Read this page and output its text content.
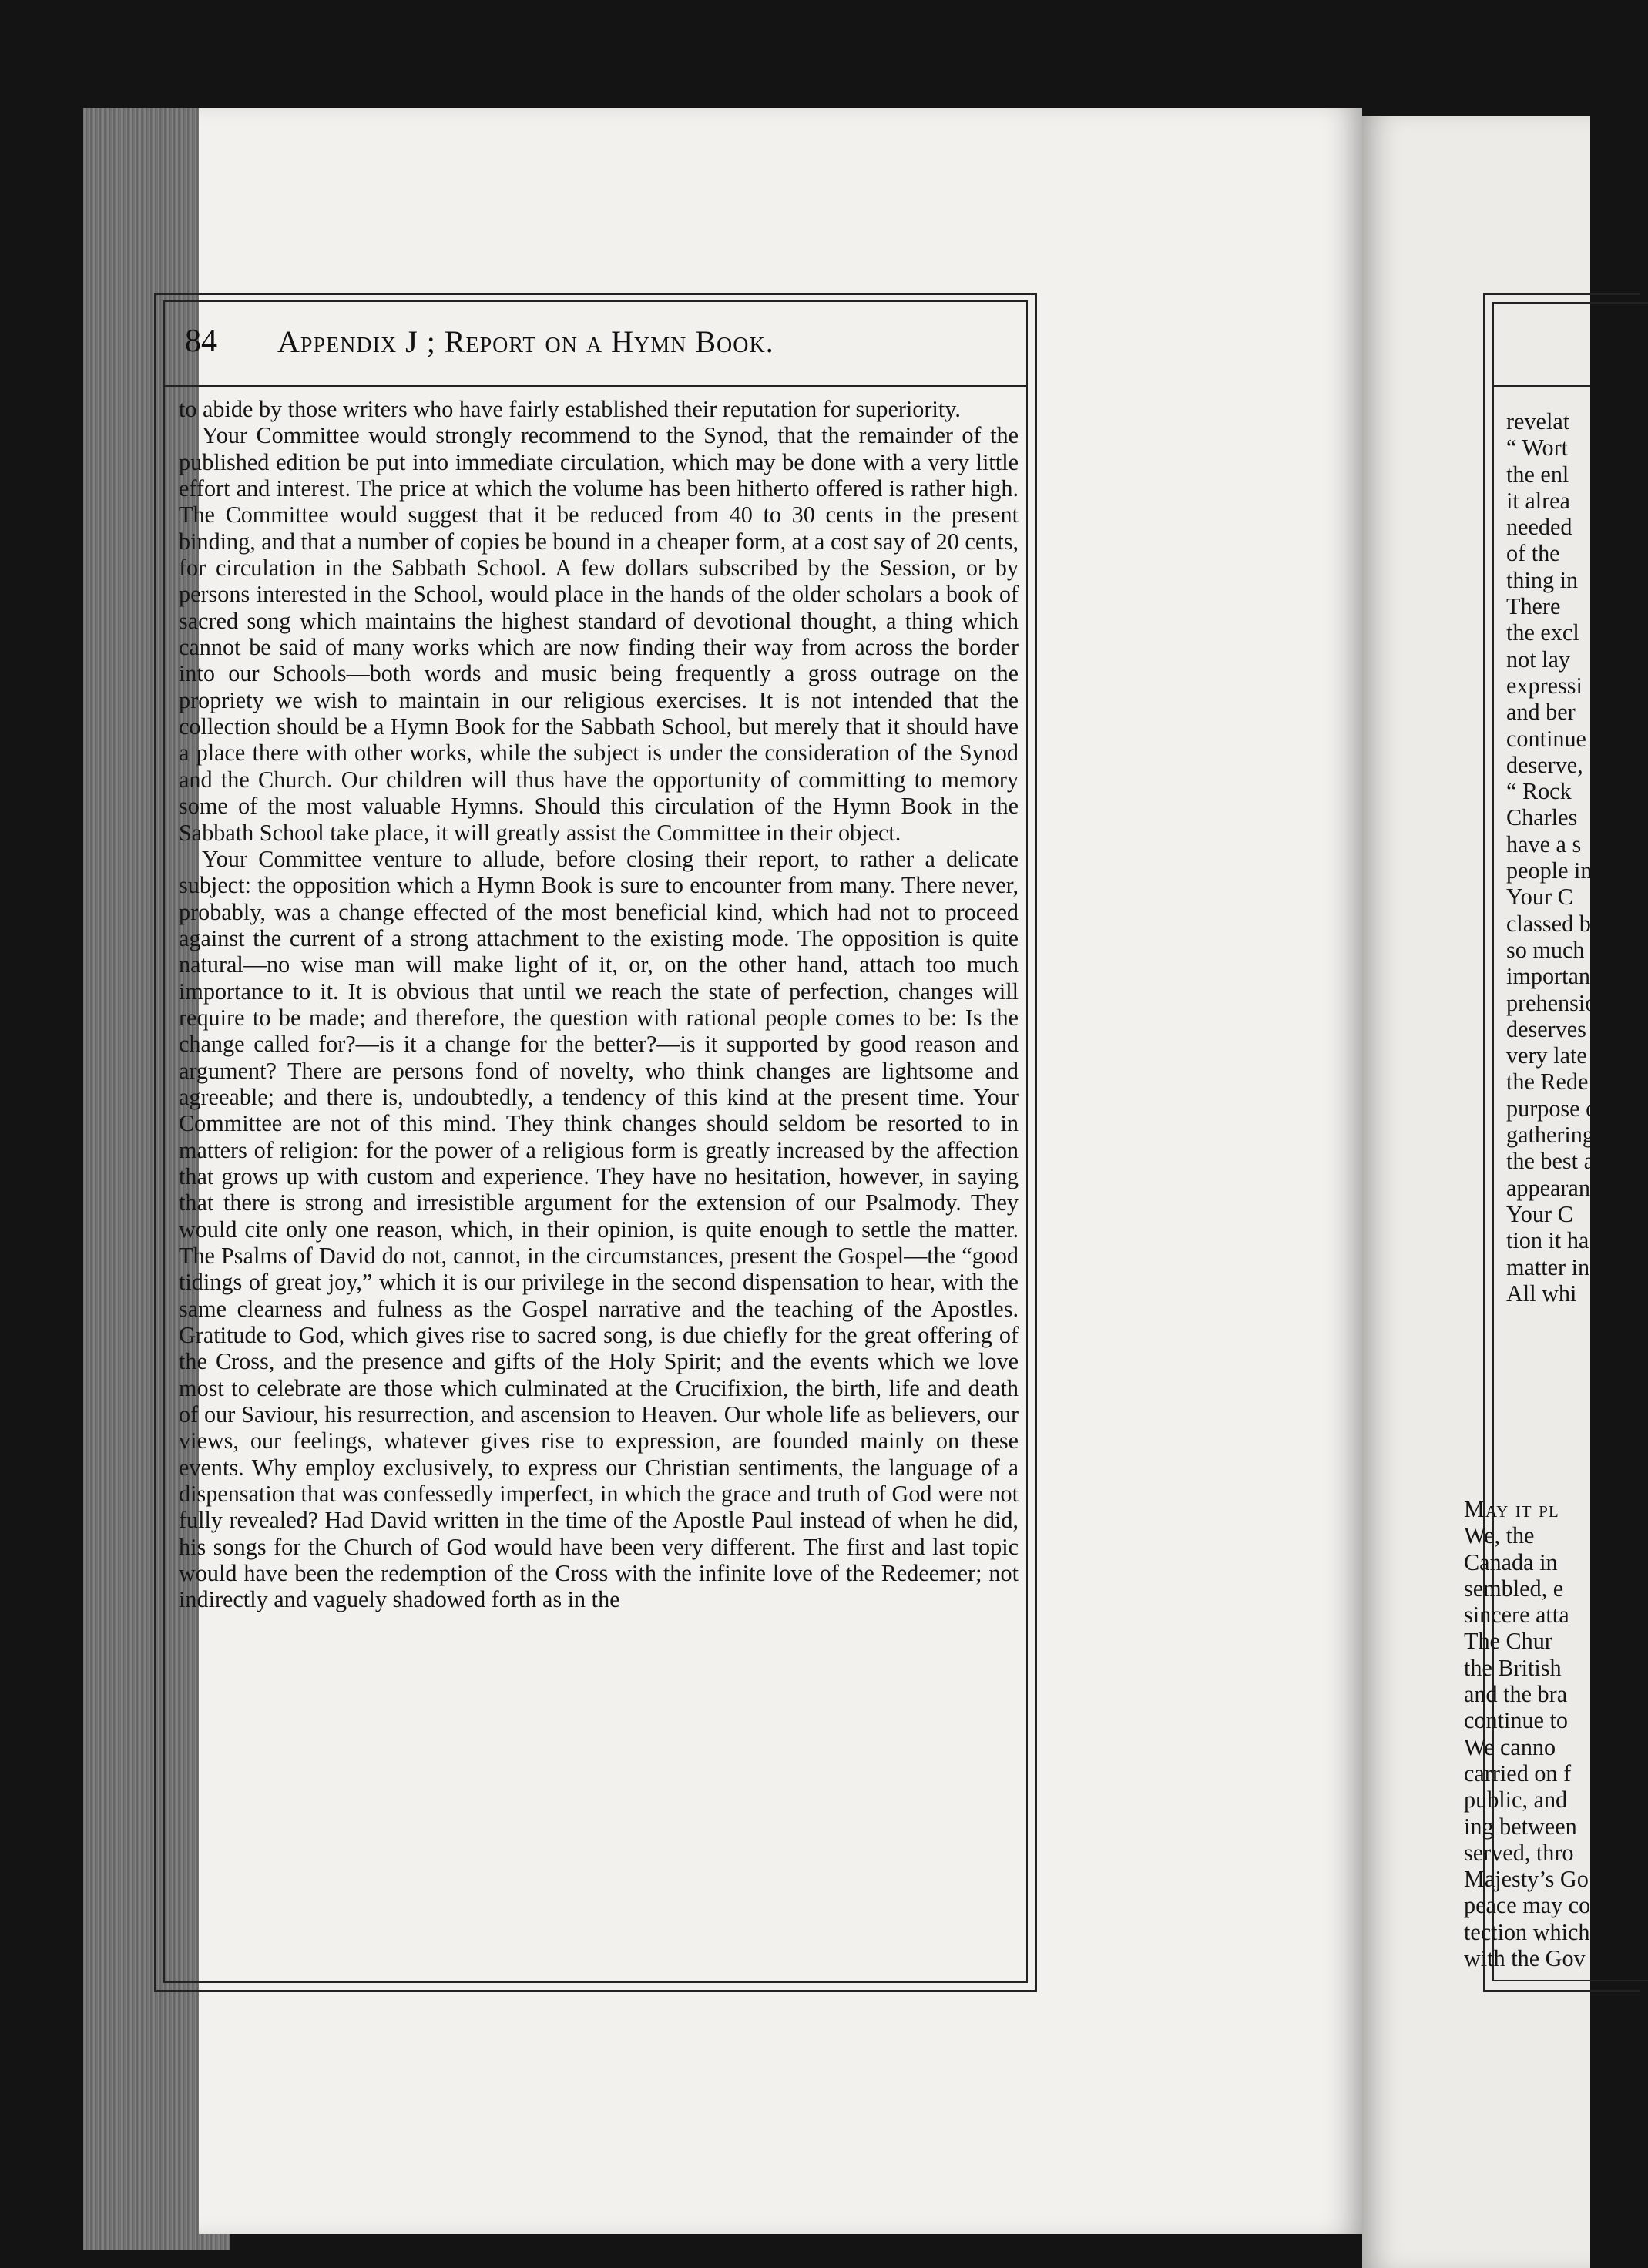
84	Appendix J ; Report on a Hymn Book.

to abide by those writers who have fairly established their reputation for superiority.

Your Committee would strongly recommend to the Synod, that the remainder of the published edition be put into immediate circulation, which may be done with a very little effort and interest. The price at which the volume has been hitherto offered is rather high. The Committee would suggest that it be reduced from 40 to 30 cents in the present binding, and that a number of copies be bound in a cheaper form, at a cost say of 20 cents, for circulation in the Sabbath School. A few dollars subscribed by the Session, or by persons interested in the School, would place in the hands of the older scholars a book of sacred song which maintains the highest standard of devotional thought, a thing which cannot be said of many works which are now finding their way from across the border into our Schools—both words and music being frequently a gross outrage on the propriety we wish to maintain in our religious exercises. It is not intended that the collection should be a Hymn Book for the Sabbath School, but merely that it should have a place there with other works, while the subject is under the consideration of the Synod and the Church. Our children will thus have the opportunity of committing to memory some of the most valuable Hymns. Should this circulation of the Hymn Book in the Sabbath School take place, it will greatly assist the Committee in their object.

Your Committee venture to allude, before closing their report, to rather a delicate subject: the opposition which a Hymn Book is sure to encounter from many. There never, probably, was a change effected of the most beneficial kind, which had not to proceed against the current of a strong attachment to the existing mode. The opposition is quite natural—no wise man will make light of it, or, on the other hand, attach too much importance to it. It is obvious that until we reach the state of perfection, changes will require to be made; and therefore, the question with rational people comes to be: Is the change called for?—is it a change for the better?—is it supported by good reason and argument? There are persons fond of novelty, who think changes are lightsome and agreeable; and there is, undoubtedly, a tendency of this kind at the present time. Your Committee are not of this mind. They think changes should seldom be resorted to in matters of religion: for the power of a religious form is greatly increased by the affection that grows up with custom and experience. They have no hesitation, however, in saying that there is strong and irresistible argument for the extension of our Psalmody. They would cite only one reason, which, in their opinion, is quite enough to settle the matter. The Psalms of David do not, cannot, in the circumstances, present the Gospel—the “good tidings of great joy,” which it is our privilege in the second dispensation to hear, with the same clearness and fulness as the Gospel narrative and the teaching of the Apostles. Gratitude to God, which gives rise to sacred song, is due chiefly for the great offering of the Cross, and the presence and gifts of the Holy Spirit; and the events which we love most to celebrate are those which culminated at the Crucifixion, the birth, life and death of our Saviour, his resurrection, and ascension to Heaven. Our whole life as believers, our views, our feelings, whatever gives rise to expression, are founded mainly on these events. Why employ exclusively, to express our Christian sentiments, the language of a dispensation that was confessedly imperfect, in which the grace and truth of God were not fully revealed? Had David written in the time of the Apostle Paul instead of when he did, his songs for the Church of God would have been very different. The first and last topic would have been the redemption of the Cross with the infinite love of the Redeemer; not indirectly and vaguely shadowed forth as in the

revelat
“ Wort
the enl
it alrea
needed
of the
thing in
There
the excl
not lay
expressi
and ber
continue
deserve,
“ Rock
Charles
have a s
people in
Your C
classed b
so much
importan
prehensio
deserves
very late
the Rede
purpose c
gathering
the best a
appearanc
Your C
tion it ha
matter in
All whi
May it pl
We, the
Canada in
sembled, e
sincere atta
The Chur
the British
and the bra
continue to
We canno
carried on f
public, and
ing between
served, thro
Majesty’s Go
peace may co
tection which
with the Gov
